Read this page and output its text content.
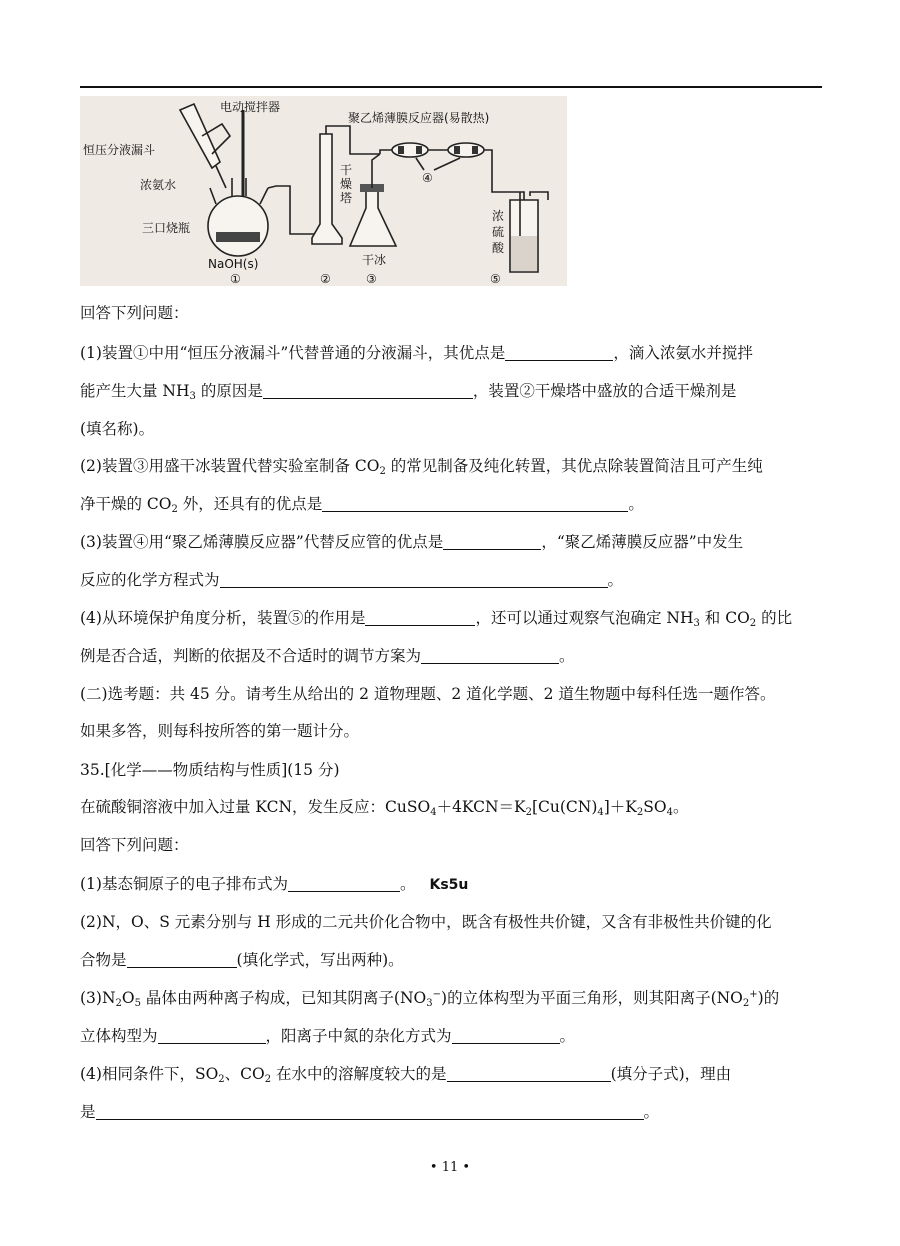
电动搅拌器
恒压分液漏斗
浓氨水
三口烧瓶
NaOH(s)
①
聚乙烯薄膜反应器(易散热)
干
燥
塔
②
干冰
③
④
浓
硫
酸
⑤
回答下列问题：
(1)装置①中用“恒压分液漏斗”代替普通的分液漏斗，其优点是	，滴入浓氨水并搅拌
能产生大量 $NH_3$ 的原因是	，装置②干燥塔中盛放的合适干燥剂是
(填名称)。
(2)装置③用盛干冰装置代替实验室制备 $CO_2$ 的常见制备及纯化转置，其优点除装置简洁且可产生纯
净干燥的 $CO_2$ 外，还具有的优点是	。
(3)装置④用“聚乙烯薄膜反应器”代替反应管的优点是	，“聚乙烯薄膜反应器”中发生
反应的化学方程式为	。
(4)从环境保护角度分析，装置⑤的作用是	，还可以通过观察气泡确定 $NH_3$ 和 $CO_2$ 的比
例是否合适，判断的依据及不合适时的调节方案为	。
(二)选考题：共 45 分。请考生从给出的 2 道物理题、2 道化学题、2 道生物题中每科任选一题作答。
如果多答，则每科按所答的第一题计分。
35.[化学——物质结构与性质](15 分)
在硫酸铜溶液中加入过量 KCN，发生反应：$CuSO_4+4KCN=K_2[Cu(CN)_4]+K_2SO_4$。
回答下列问题：
(1)基态铜原子的电子排布式为	。 Ks5u
(2)N，O、S 元素分别与 H 形成的二元共价化合物中，既含有极性共价键，又含有非极性共价键的化
合物是	(填化学式，写出两种)。
$(3)N_2O_5$ 晶体由两种离子构成，已知其阴离子$(NO_3^-)$的立体构型为平面三角形，则其阳离子$(NO_2^+)$的
立体构型为	，阳离子中氮的杂化方式为	。
(4)相同条件下，$SO_2$、$CO_2$ 在水中的溶解度较大的是	(填分子式)，理由
是	。
• 11 •
